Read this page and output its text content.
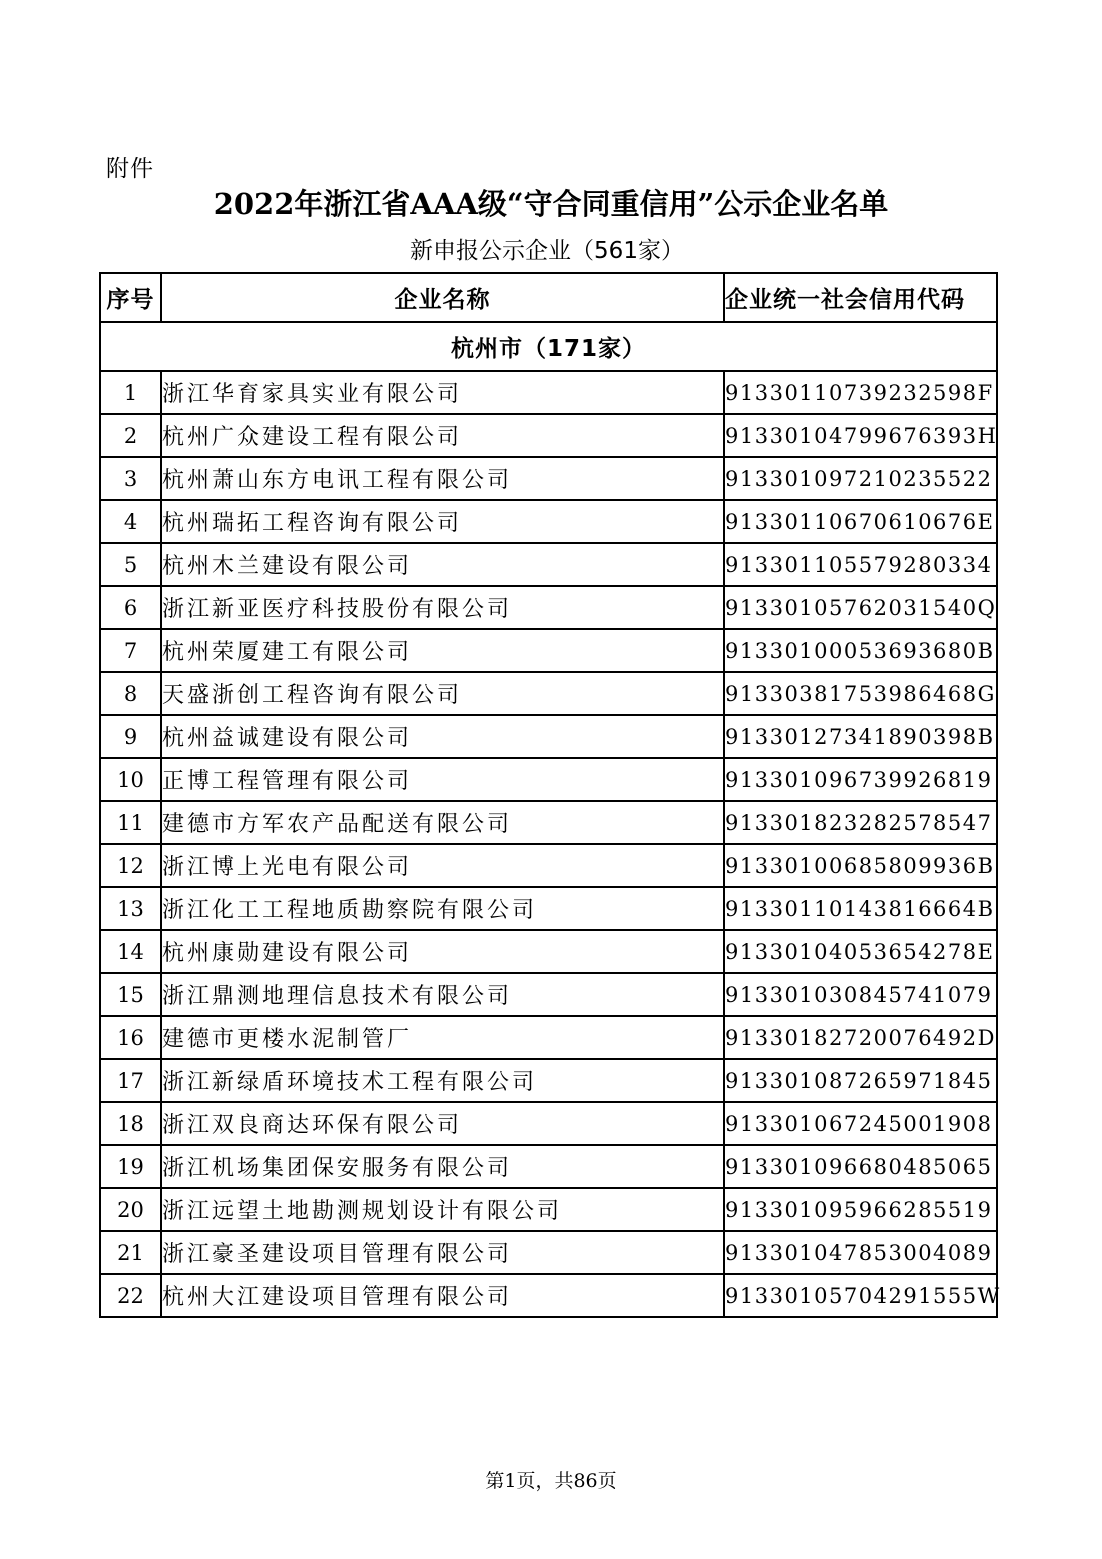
附件
2022年浙江省AAA级“守合同重信用”公示企业名单
新申报公示企业（561家）
序号	企业名称	企业统一社会信用代码
杭州市（171家）		
1	浙江华育家具实业有限公司	91330110739232598F
2	杭州广众建设工程有限公司	91330104799676393H
3	杭州萧山东方电讯工程有限公司	913301097210235522
4	杭州瑞拓工程咨询有限公司	91330110670610676E
5	杭州木兰建设有限公司	913301105579280334
6	浙江新亚医疗科技股份有限公司	91330105762031540Q
7	杭州荣厦建工有限公司	91330100053693680B
8	天盛浙创工程咨询有限公司	91330381753986468G
9	杭州益诚建设有限公司	91330127341890398B
10	正博工程管理有限公司	913301096739926819
11	建德市方军农产品配送有限公司	913301823282578547
12	浙江博上光电有限公司	91330100685809936B
13	浙江化工工程地质勘察院有限公司	91330110143816664B
14	杭州康勋建设有限公司	91330104053654278E
15	浙江鼎测地理信息技术有限公司	913301030845741079
16	建德市更楼水泥制管厂	91330182720076492D
17	浙江新绿盾环境技术工程有限公司	913301087265971845
18	浙江双良商达环保有限公司	913301067245001908
19	浙江机场集团保安服务有限公司	913301096680485065
20	浙江远望土地勘测规划设计有限公司	913301095966285519
21	浙江豪圣建设项目管理有限公司	913301047853004089
22	杭州大江建设项目管理有限公司	91330105704291555W
第1页，共86页
